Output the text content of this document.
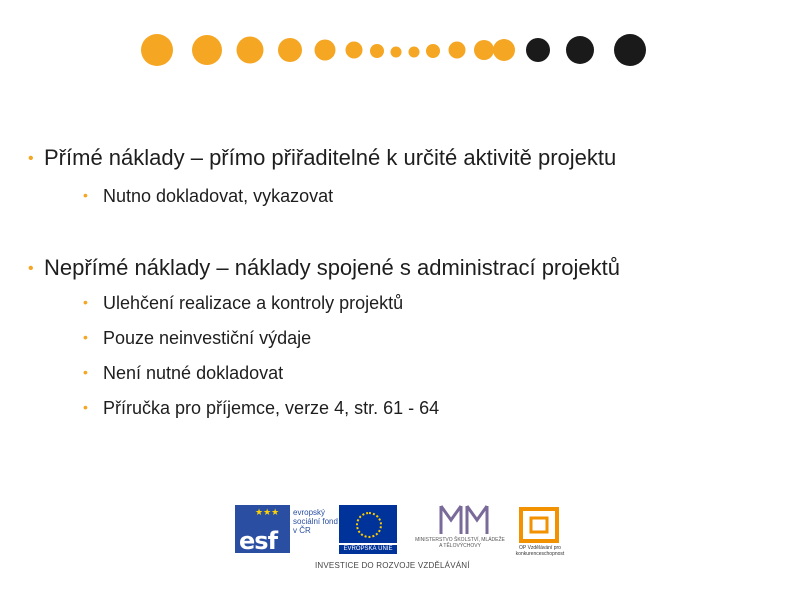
• Přímé náklady – přímo přiřaditelné k určité aktivitě projektu
• Nutno dokladovat, vykazovat
• Nepřímé náklady – náklady spojené s administrací projektů
• Ulehčení realizace a kontroly projektů
• Pouze neinvestiční výdaje
• Není nutné dokladovat
• Příručka pro příjemce, verze 4, str. 61 - 64
★★★
esf
evropský sociální fond v ČR
EVROPSKÁ UNIE
MINISTERSTVO ŠKOLSTVÍ, MLÁDEŽE A TĚLOVÝCHOVY	OP Vzdělávání pro konkurenceschopnost
INVESTICE DO ROZVOJE VZDĚLÁVÁNÍ
